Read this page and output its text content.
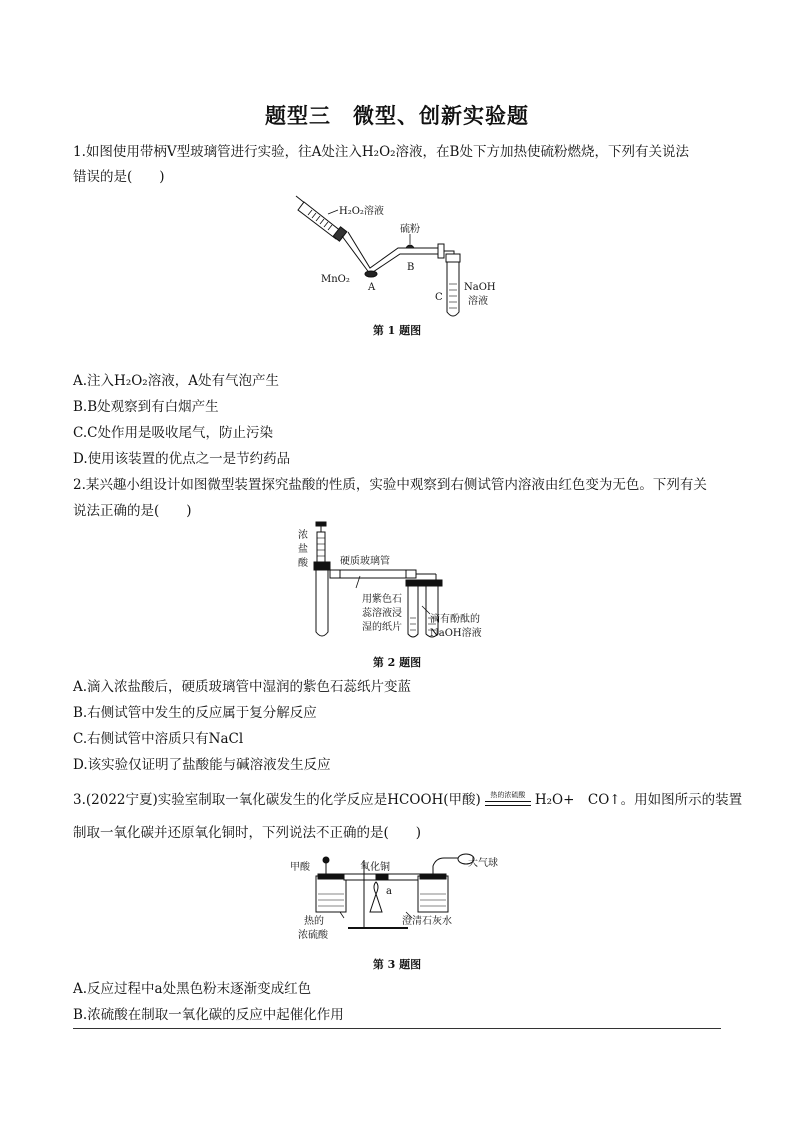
题型三　微型、创新实验题
1.如图使用带柄V型玻璃管进行实验，往A处注入H₂O₂溶液，在B处下方加热使硫粉燃烧，下列有关说法
错误的是(　　)
H₂O₂溶液
硫粉
MnO₂
A
B
C
NaOH
溶液
第 1 题图
A.注入H₂O₂溶液，A处有气泡产生
B.B处观察到有白烟产生
C.C处作用是吸收尾气，防止污染
D.使用该装置的优点之一是节约药品
2.某兴趣小组设计如图微型装置探究盐酸的性质，实验中观察到右侧试管内溶液由红色变为无色。下列有关
说法正确的是(　　)
浓
盐
酸	硬质玻璃管
用紫色石
蕊溶液浸
湿的纸片
滴有酚酞的
NaOH溶液
第 2 题图
A.滴入浓盐酸后，硬质玻璃管中湿润的紫色石蕊纸片变蓝
B.右侧试管中发生的反应属于复分解反应
C.右侧试管中溶质只有NaCl
D.该实验仅证明了盐酸能与碱溶液发生反应
3.(2022宁夏)实验室制取一氧化碳发生的化学反应是HCOOH(甲酸)	热的浓硫酸 H₂O+　CO↑。用如图所示的装置
制取一氧化碳并还原氧化铜时，下列说法不正确的是(　　)
甲酸	氧化铜	大气球
a
热的
浓硫酸
澄清石灰水
第 3 题图
A.反应过程中a处黑色粉末逐渐变成红色
B.浓硫酸在制取一氧化碳的反应中起催化作用
